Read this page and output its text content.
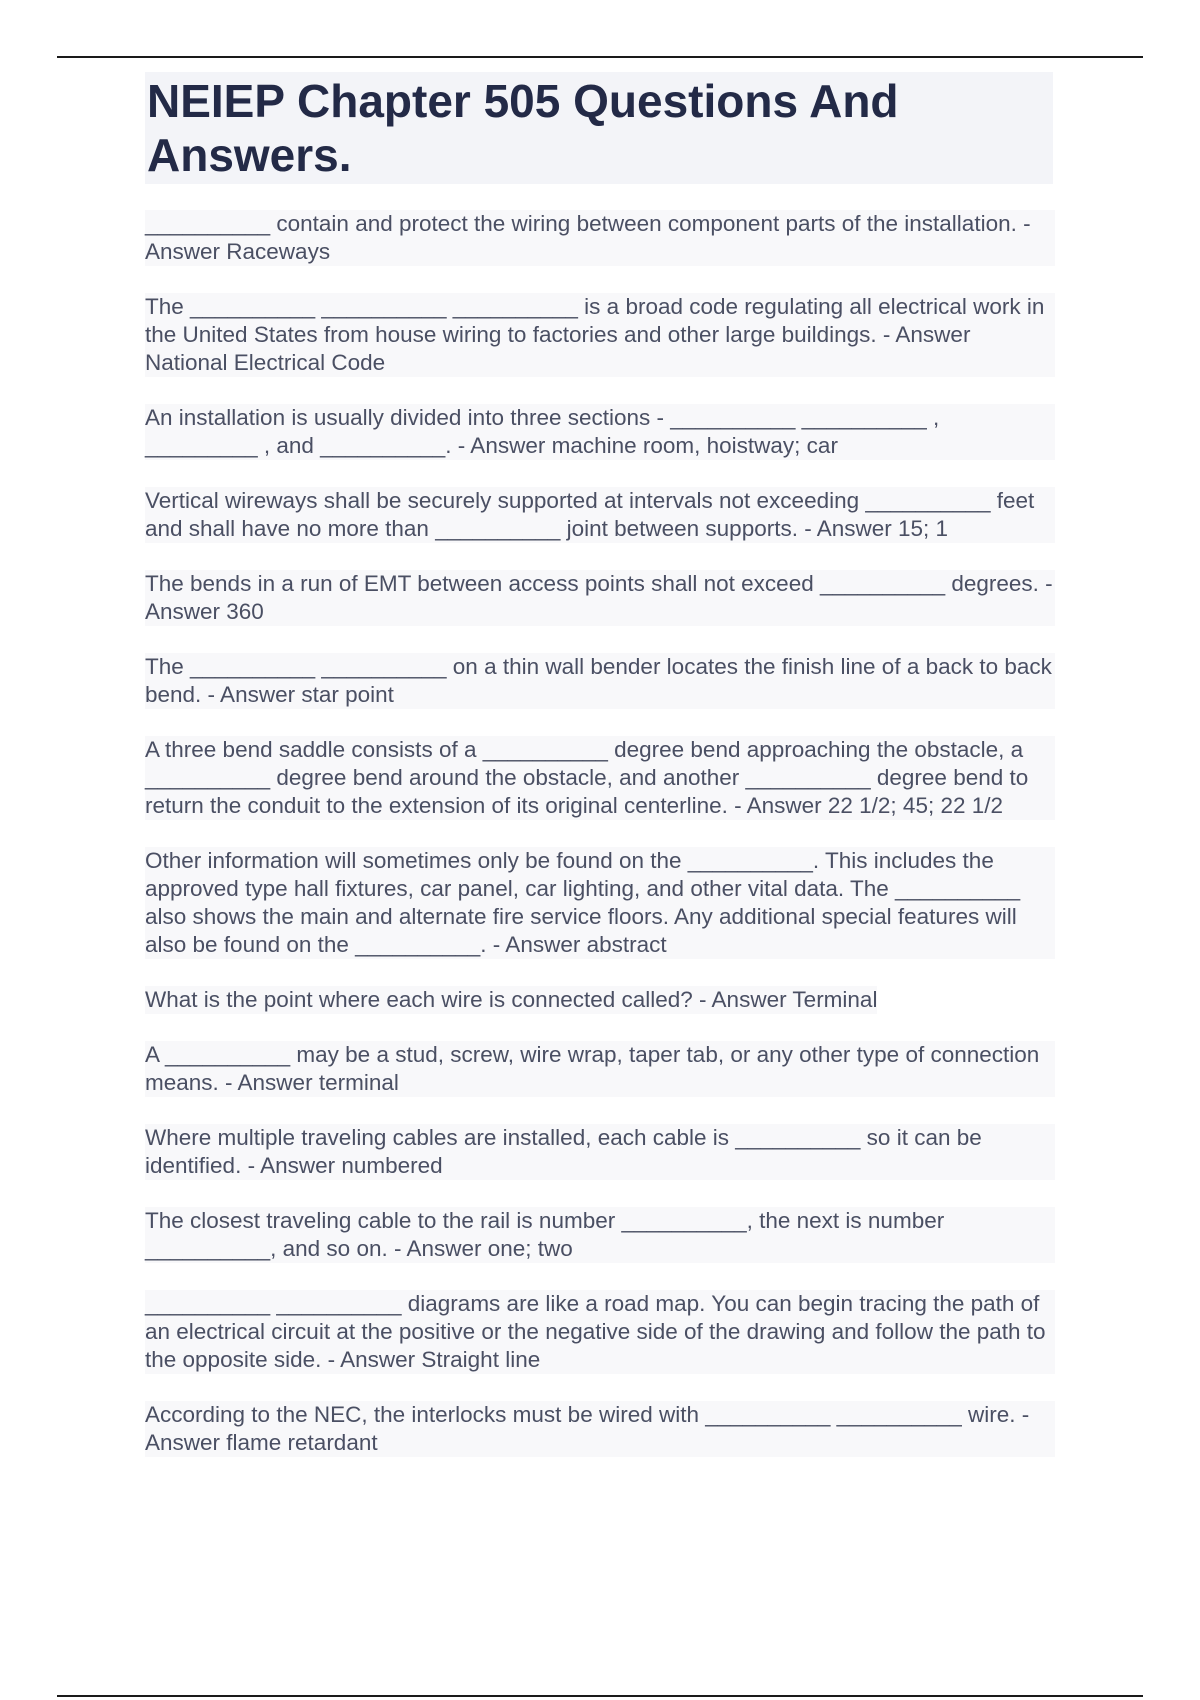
NEIEP Chapter 505 Questions And Answers.

__________ contain and protect the wiring between component parts of the installation. - Answer Raceways

The __________ __________ __________ is a broad code regulating all electrical work in the United States from house wiring to factories and other large buildings. - Answer National Electrical Code

An installation is usually divided into three sections - __________ __________ , _________ , and __________. - Answer machine room, hoistway; car

Vertical wireways shall be securely supported at intervals not exceeding __________ feet and shall have no more than __________ joint between supports. - Answer 15; 1

The bends in a run of EMT between access points shall not exceed __________ degrees. - Answer 360

The __________ __________ on a thin wall bender locates the finish line of a back to back bend. - Answer star point

A three bend saddle consists of a __________ degree bend approaching the obstacle, a __________ degree bend around the obstacle, and another __________ degree bend to return the conduit to the extension of its original centerline. - Answer 22 1/2; 45; 22 1/2

Other information will sometimes only be found on the __________. This includes the approved type hall fixtures, car panel, car lighting, and other vital data. The __________ also shows the main and alternate fire service floors. Any additional special features will also be found on the __________. - Answer abstract

What is the point where each wire is connected called? - Answer Terminal

A __________ may be a stud, screw, wire wrap, taper tab, or any other type of connection means. - Answer terminal

Where multiple traveling cables are installed, each cable is __________ so it can be identified. - Answer numbered

The closest traveling cable to the rail is number __________, the next is number __________, and so on. - Answer one; two

__________ __________ diagrams are like a road map. You can begin tracing the path of an electrical circuit at the positive or the negative side of the drawing and follow the path to the opposite side. - Answer Straight line

According to the NEC, the interlocks must be wired with __________ __________ wire. - Answer flame retardant
